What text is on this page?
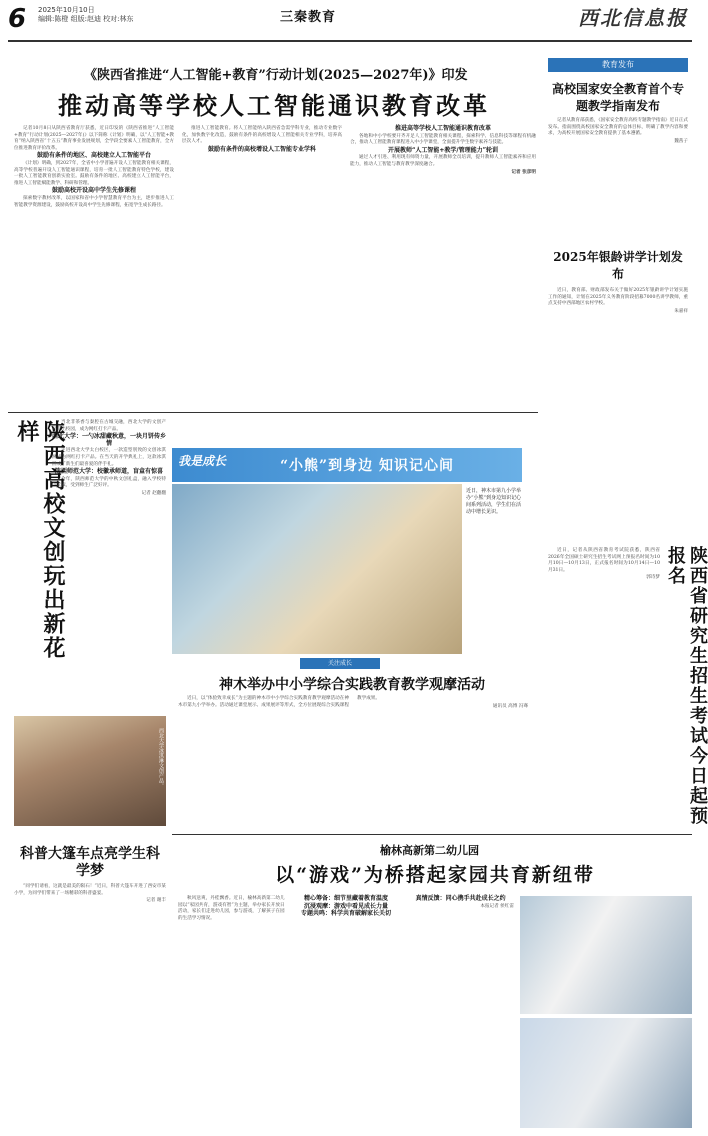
6 2025年10月10日
编辑:陈橙 组版:赵迪 校对:林东	三秦教育	西北信息报
《陕西省推进“人工智能+教育”行动计划(2025—2027年)》印发
推动高等学校人工智能通识教育改革

记者10月8日从陕西省教育厅获悉，近日印发的《陕西省推进“人工智能+教育”行动计划(2025—2027年)》以下简称《计划》明确，以“人工智能+教育”纳入陕西省“十五五”教育事业发展规划，全学段全要素人工智能教育，全方位推进教育评价改革。

鼓励有条件的地区、高校建立人工智能平台

《计划》明确，到2027年，全省中小学普遍开设人工智能教育相关课程，高等学校普遍开设人工智能通识课程，培育一批人工智能教育特色学校，建设一批人工智能教育创新实验室。鼓励有条件的地区、高校建立人工智能平台，推进人工智能赋能教学、科研和管理。

鼓励高校开设高中学生先修课程

探索数字教材改革，以国家和省中小学智慧教育平台为主，逐步推进人工智能教学资源建设，鼓励高校开设高中学生先修课程，拓宽学生成长路径。

推进人工智能教育。将人工智能纳入陕西省急需学科专业，推动专业数字化，加快数字化改造，鼓励有条件的高校增设人工智能相关专业学科，培养高层次人才。

鼓励有条件的高校增设人工智能专业学科

推进高等学校人工智能通识教育改革

各地和中小学校要开齐开足人工智能教育相关课程，探索科学、信息科技等课程有机融合，推动人工智能教育课程进入中小学课堂，全面提升学生数字素养与技能。

开展教师“人工智能+教学/管理能力”轮训

通过人才引进、利用现有师资力量，开展教师全员培训，提升教师人工智能素养和应用能力，推动人工智能与教育教学深度融合。

记者 张彦明

教育发布
高校国家安全教育首个专题教学指南发布

记者从教育部获悉，《国家安全教育高校专题教学指南》近日正式发布。指南围绕高校国家安全教育的总体目标，明确了教学内容和要求，为高校开展国家安全教育提供了基本遵循。

魏茜子

2025年银龄讲学计划发布

近日，教育部、财政部发布关于做好2025年银龄讲学计划实施工作的通知，计划在2025年义务教育阶段招募7000名讲学教师，重点支持中西部地区农村学校。

朱嘉祥

陕西高校文创玩出新花样	当北非茶香与秦腔在古城交融，西北大学的文创产品走出校园，成为网红打卡产品。

西北大学：一勺冰甜藏秋意，一块月饼传乡情

走进西北大学太白校区，一款造型别致的文创冰淇淋成为网红打卡产品。在当天的开学典礼上，这款冰淇淋成了新生们最喜爱的伴手礼。

陕西师范大学：校徽承师道，盲盒有惊喜

今年，陕西师范大学的中秋文创礼盒，融入学校特色元素，受到师生广泛好评。

记者 赵翻翻

西北大学冰淇淋文创产品。
科普大篷车点亮学生科学梦

“同学们请看，这就是最美的陨石！”近日，科普大篷车开进了西安市某小学，为同学们带来了一场精彩的科普盛宴。

记者 谢丰

我是成长	“小熊”到身边 知识记心间
近日，神木市第九小学举办“小熊”到身边知识记心间系列活动，学生们在活动中增长见识。
关注成长
神木举办中小学综合实践教育教学观摩活动

近日，以“体验致幸成长”为主题的神木市中小学综合实践教育教学观摩活动在神木市第九小学举办。活动通过课堂展示、成果展评等形式，全方位展现综合实践课程教学成果。

通讯员 高博 冯骞	陕西省研究生招生考试今日起预报名

近日，记者从陕西省教育考试院获悉，陕西省2026年全国硕士研究生招生考试网上预报名时间为10月10日—10月13日，正式报名时间为10月14日—10月31日。

郭诗梦

榆林高新第二幼儿园
以“游戏”为桥搭起家园共育新纽带

秋风送爽，丹桂飘香。近日，榆林高新第二幼儿园以“家园共育，游戏有智”为主题，举办家长开放日活动，家长们走进幼儿园，参与游戏，了解孩子在园的生活学习情况。

精心筹备：细节里藏着教育温度

沉浸观摩：游戏中看见成长力量

专题共鸣：科学共育破解家长关切

真情反馈：同心携手共赴成长之约

本报记者 侯红雷
